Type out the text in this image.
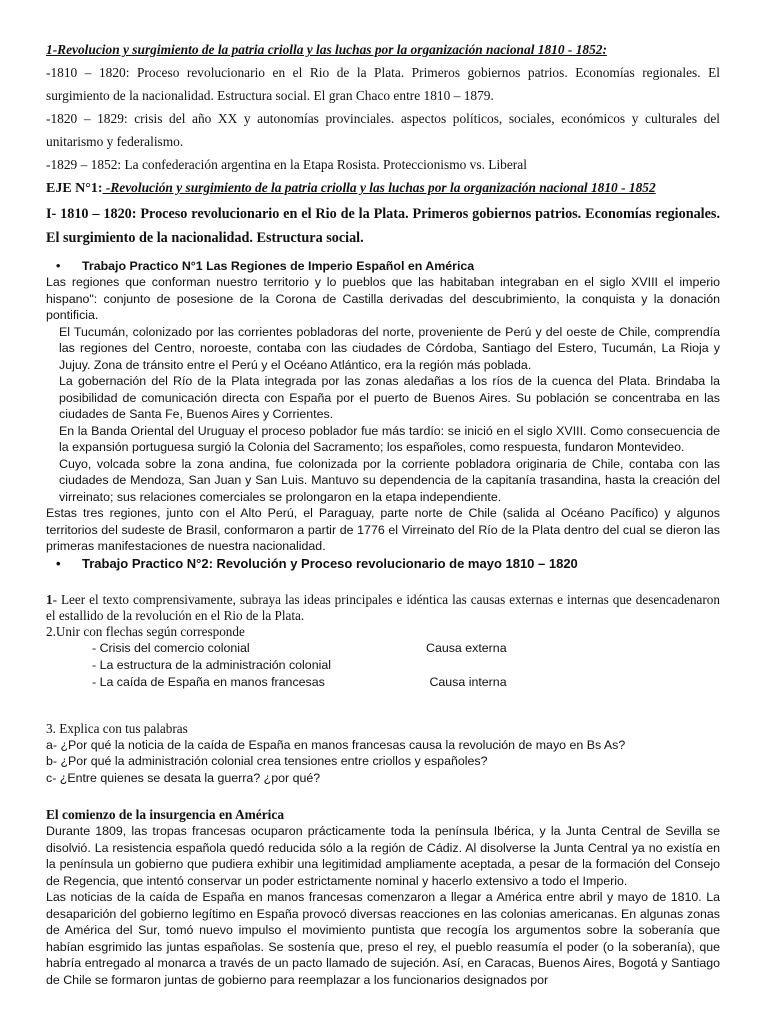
1-Revolucion y surgimiento de la patria criolla y las luchas por la organización nacional 1810 - 1852:

-1810 – 1820: Proceso revolucionario en el Rio de la Plata. Primeros gobiernos patrios. Economías regionales. El surgimiento de la nacionalidad. Estructura social. El gran Chaco entre 1810 – 1879.

-1820 – 1829: crisis del año XX y autonomías provinciales. aspectos políticos, sociales, económicos y culturales del unitarismo y federalismo.

-1829 – 1852: La confederación argentina en la Etapa Rosista. Proteccionismo vs. Liberal

EJE N°1: -Revolución y surgimiento de la patria criolla y las luchas por la organización nacional 1810 - 1852

I- 1810 – 1820: Proceso revolucionario en el Rio de la Plata. Primeros gobiernos patrios. Economías regionales. El surgimiento de la nacionalidad. Estructura social.

• Trabajo Practico N°1 Las Regiones de Imperio Español en América

Las regiones que conforman nuestro territorio y lo pueblos que las habitaban integraban en el siglo XVIII el imperio hispano": conjunto de posesione de la Corona de Castilla derivadas del descubrimiento, la conquista y la donación pontificia.

El Tucumán, colonizado por las corrientes pobladoras del norte, proveniente de Perú y del oeste de Chile, comprendía las regiones del Centro, noroeste, contaba con las ciudades de Córdoba, Santiago del Estero, Tucumán, La Rioja y Jujuy. Zona de tránsito entre el Perú y el Océano Atlántico, era la región más poblada.

La gobernación del Río de la Plata integrada por las zonas aledañas a los ríos de la cuenca del Plata. Brindaba la posibilidad de comunicación directa con España por el puerto de Buenos Aires. Su población se concentraba en las ciudades de Santa Fe, Buenos Aires y Corrientes.

En la Banda Oriental del Uruguay el proceso poblador fue más tardío: se inició en el siglo XVIII. Como consecuencia de la expansión portuguesa surgió la Colonia del Sacramento; los españoles, como respuesta, fundaron Montevideo.

Cuyo, volcada sobre la zona andina, fue colonizada por la corriente pobladora originaria de Chile, contaba con las ciudades de Mendoza, San Juan y San Luis. Mantuvo su dependencia de la capitanía trasandina, hasta la creación del virreinato; sus relaciones comerciales se prolongaron en la etapa independiente.

Estas tres regiones, junto con el Alto Perú, el Paraguay, parte norte de Chile (salida al Océano Pacífico) y algunos territorios del sudeste de Brasil, conformaron a partir de 1776 el Virreinato del Río de la Plata dentro del cual se dieron las primeras manifestaciones de nuestra nacionalidad.

• Trabajo Practico N°2: Revolución y Proceso revolucionario de mayo 1810 – 1820

1- Leer el texto comprensivamente, subraya las ideas principales e idéntica las causas externas e internas que desencadenaron el estallido de la revolución en el Rio de la Plata.

2.Unir con flechas según corresponde

- Crisis del comercio colonial	Causa externa
- La estructura de la administración colonial
- La caída de España en manos francesas	Causa interna

3. Explica con tus palabras

a- ¿Por qué la noticia de la caída de España en manos francesas causa la revolución de mayo en Bs As?

b- ¿Por qué la administración colonial crea tensiones entre criollos y españoles?

c- ¿Entre quienes se desata la guerra? ¿por qué?

El comienzo de la insurgencia en América

Durante 1809, las tropas francesas ocuparon prácticamente toda la península Ibérica, y la Junta Central de Sevilla se disolvió. La resistencia española quedó reducida sólo a la región de Cádiz. Al disolverse la Junta Central ya no existía en la península un gobierno que pudiera exhibir una legitimidad ampliamente aceptada, a pesar de la formación del Consejo de Regencia, que intentó conservar un poder estrictamente nominal y hacerlo extensivo a todo el Imperio.

Las noticias de la caída de España en manos francesas comenzaron a llegar a América entre abril y mayo de 1810. La desaparición del gobierno legítimo en España provocó diversas reacciones en las colonias americanas. En algunas zonas de América del Sur, tomó nuevo impulso el movimiento puntista que recogía los argumentos sobre la soberanía que habían esgrimido las juntas españolas. Se sostenía que, preso el rey, el pueblo reasumía el poder (o la soberanía), que habría entregado al monarca a través de un pacto llamado de sujeción. Así, en Caracas, Buenos Aires, Bogotá y Santiago de Chile se formaron juntas de gobierno para reemplazar a los funcionarios designados por
